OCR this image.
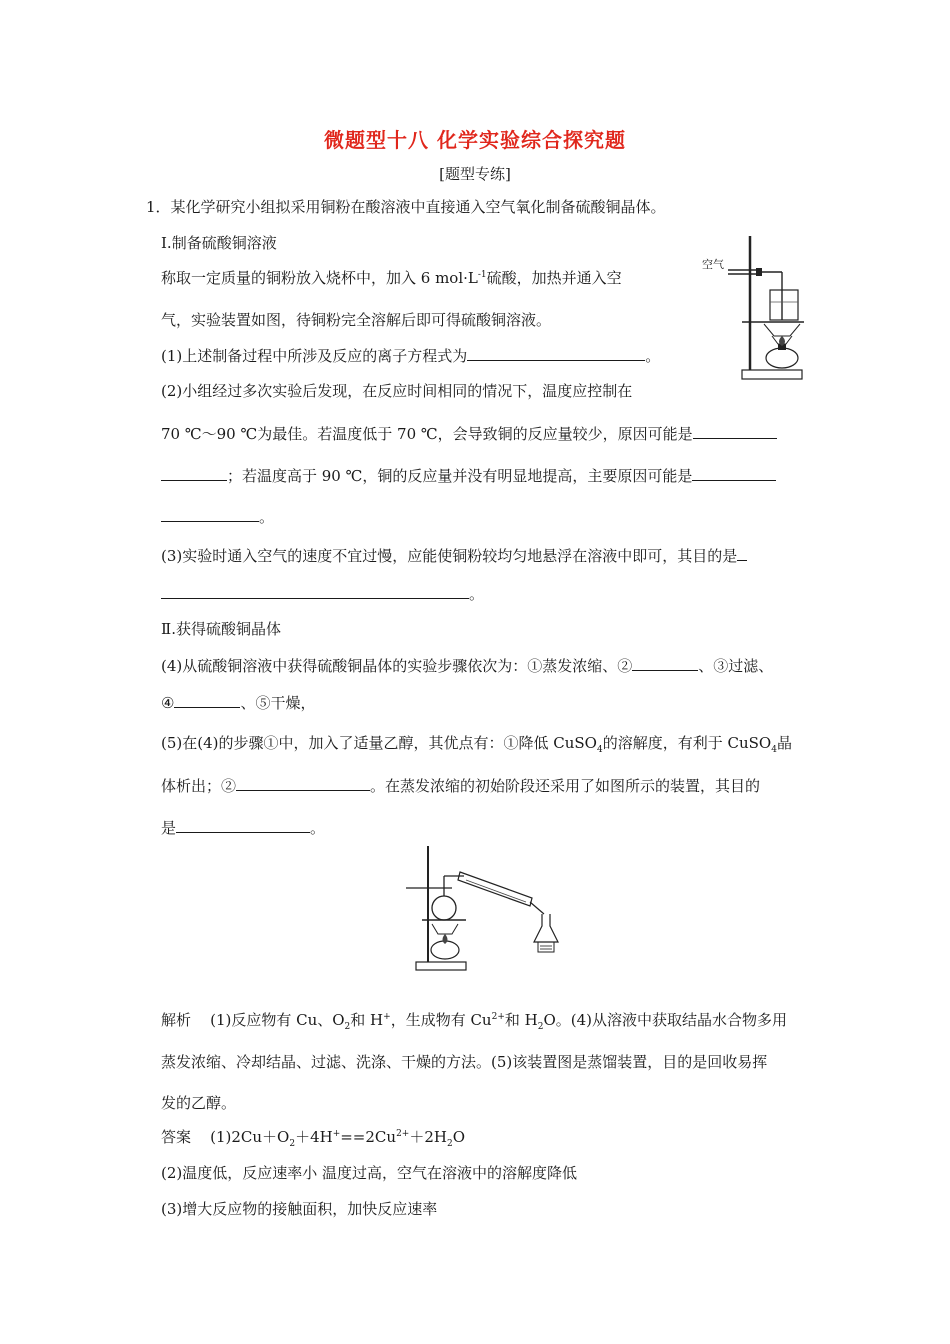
微题型十八 化学实验综合探究题
[题型专练]
1．某化学研究小组拟采用铜粉在酸溶液中直接通入空气氧化制备硫酸铜晶体。
Ⅰ.制备硫酸铜溶液
称取一定质量的铜粉放入烧杯中，加入 6 $mol\cdot L^{-1}$硫酸，加热并通入空
气，实验装置如图，待铜粉完全溶解后即可得硫酸铜溶液。
(1)上述制备过程中所涉及反应的离子方程式为	。
(2)小组经过多次实验后发现，在反应时间相同的情况下，温度应控制在
70 ℃～90 ℃为最佳。若温度低于 70 ℃，会导致铜的反应量较少，原因可能是
；若温度高于 90 ℃，铜的反应量并没有明显地提高，主要原因可能是
。
(3)实验时通入空气的速度不宜过慢，应能使铜粉较均匀地悬浮在溶液中即可，其目的是
。
Ⅱ.获得硫酸铜晶体
(4)从硫酸铜溶液中获得硫酸铜晶体的实验步骤依次为：①蒸发浓缩、②	、③过滤、
④	、⑤干燥，
(5)在(4)的步骤①中，加入了适量乙醇，其优点有：①降低 CuSO$_4$的溶解度，有利于 CuSO$_4$晶
体析出；②	。在蒸发浓缩的初始阶段还采用了如图所示的装置，其目的
是	。
空气
解析 (1)反应物有 Cu、$O_2$和 H+，生成物有 $Cu^{2+}$和 $H_2O$。(4)从溶液中获取结晶水合物多用
蒸发浓缩、冷却结晶、过滤、洗涤、干燥的方法。(5)该装置图是蒸馏装置，目的是回收易挥
发的乙醇。
答案 $(1)2Cu+O_2+4H^+==2Cu^{2+}+2H_2O$
(2)温度低，反应速率小 温度过高，空气在溶液中的溶解度降低
(3)增大反应物的接触面积，加快反应速率
